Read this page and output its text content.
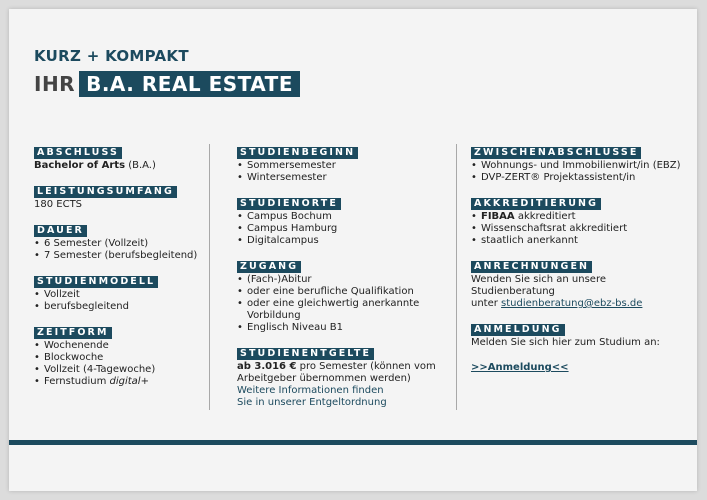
KURZ + KOMPAKT
IHR B.A. REAL ESTATE
ABSCHLUSS
Bachelor of Arts (B.A.)
LEISTUNGSUMFANG
180 ECTS
DAUER
• 6 Semester (Vollzeit)
• 7 Semester (berufsbegleitend)
STUDIENMODELL
• Vollzeit
• berufsbegleitend
ZEITFORM
• Wochenende
• Blockwoche
• Vollzeit (4-Tagewoche)
• Fernstudium digital+
STUDIENBEGINN
• Sommersemester
• Wintersemester
STUDIENORTE
• Campus Bochum
• Campus Hamburg
• Digitalcampus
ZUGANG
• (Fach-)Abitur
• oder eine berufliche Qualifikation
• oder eine gleichwertig anerkannte
Vorbildung
• Englisch Niveau B1
STUDIENENTGELTE
ab 3.016 € pro Semester (können vom
Arbeitgeber übernommen werden)
Weitere Informationen finden
Sie in unserer Entgeltordnung
ZWISCHENABSCHLÜSSE
• Wohnungs- und Immobilienwirt/in (EBZ)
• DVP-ZERT® Projektassistent/in
AKKREDITIERUNG
• FIBAA akkreditiert
• Wissenschaftsrat akkreditiert
• staatlich anerkannt
ANRECHNUNGEN
Wenden Sie sich an unsere Studienberatung
unter studienberatung@ebz-bs.de
ANMELDUNG
Melden Sie sich hier zum Studium an:
>>Anmeldung<<
